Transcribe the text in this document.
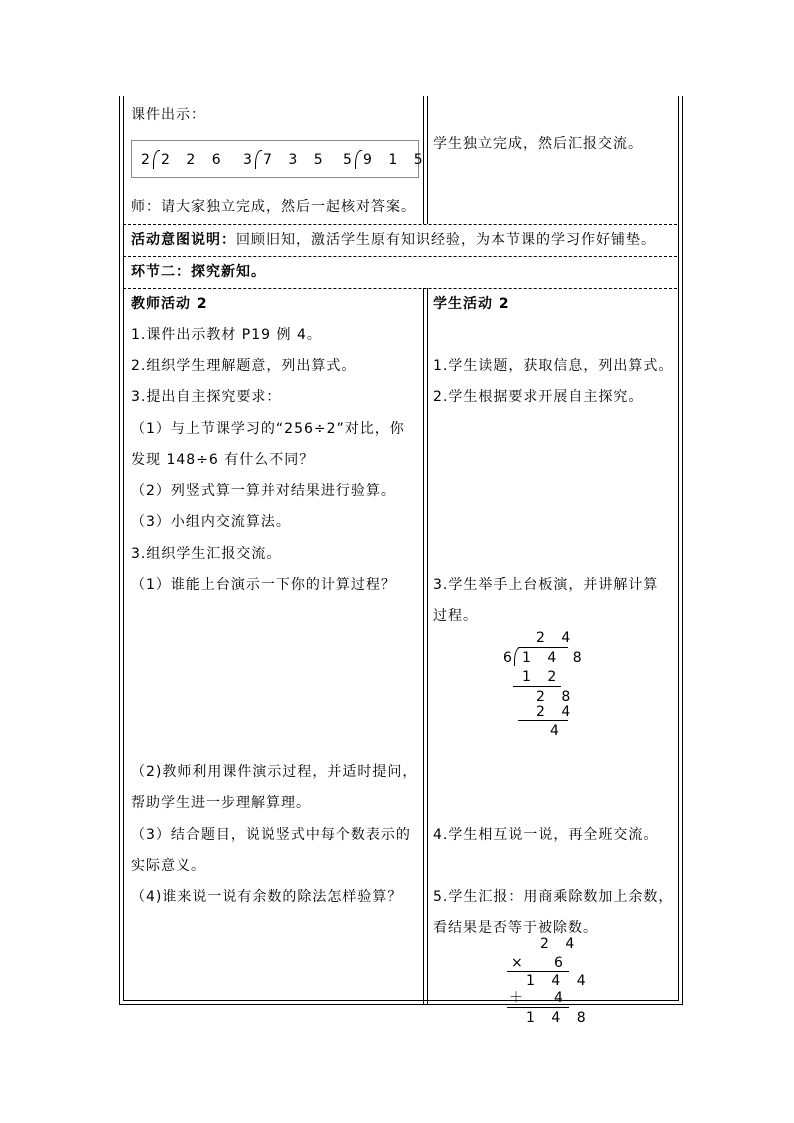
课件出示：
2 2 2 6 3 7 3 5 5 9 1 5
师：请大家独立完成，然后一起核对答案。
学生独立完成，然后汇报交流。
活动意图说明：回顾旧知，激活学生原有知识经验，为本节课的学习作好铺垫。
环节二：探究新知。
教师活动 2
1.课件出示教材 P19 例 4。
2.组织学生理解题意，列出算式。
3.提出自主探究要求：
（1）与上节课学习的“256÷2”对比，你
发现 148÷6 有什么不同？
（2）列竖式算一算并对结果进行验算。
（3）小组内交流算法。
3.组织学生汇报交流。
（1）谁能上台演示一下你的计算过程？
（2)教师利用课件演示过程，并适时提问，
帮助学生进一步理解算理。
（3）结合题目，说说竖式中每个数表示的
实际意义。
（4)谁来说一说有余数的除法怎样验算？
学生活动 2
1.学生读题，获取信息，列出算式。
2.学生根据要求开展自主探究。
3.学生举手上台板演，并讲解计算
过程。
4.学生相互说一说，再全班交流。
5.学生汇报：用商乘除数加上余数，
看结果是否等于被除数。
2 4
6 1 4 8
1 2
2 8
2 4
4
2 4
× 6
1 4 4
＋ 4
1 4 8
